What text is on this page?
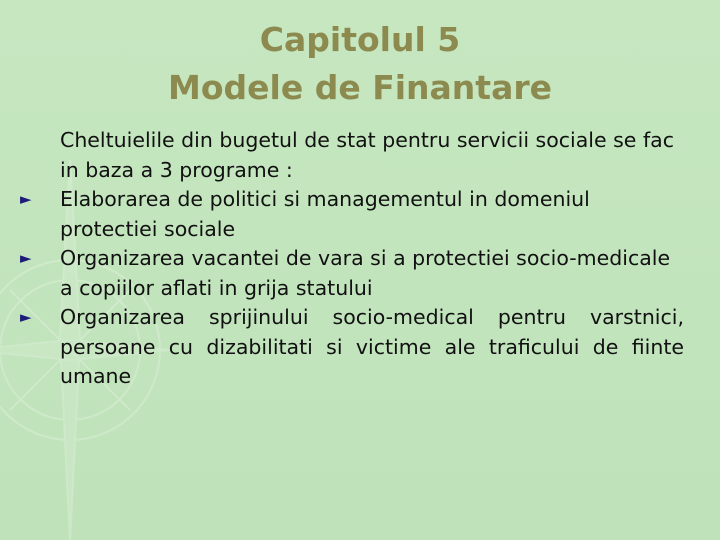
Capitolul 5
Modele de Finantare
Cheltuielile din bugetul de stat pentru servicii sociale se fac in baza a 3 programe :
►	Elaborarea de politici si managementul in domeniul protectiei sociale
►	Organizarea vacantei de vara si a protectiei socio-medicale a copiilor aflati in grija statului
►	Organizarea sprijinului socio-medical pentru varstnici, persoane cu dizabilitati si victime ale traficului de fiinte umane
